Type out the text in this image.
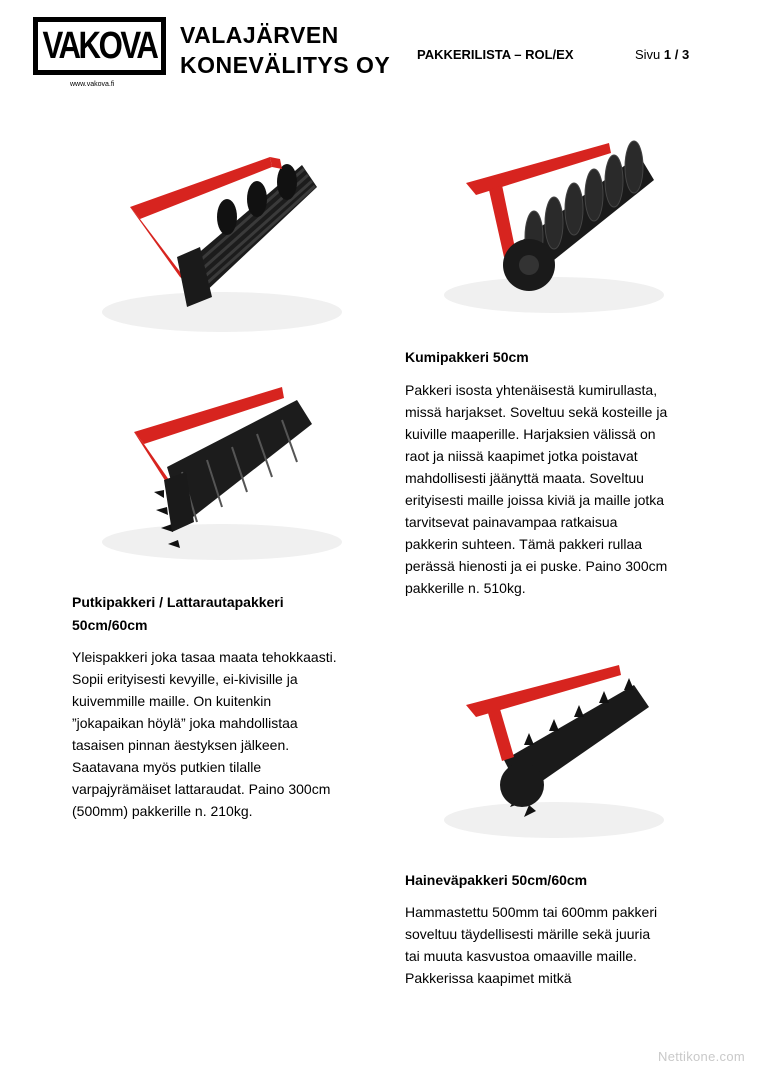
VAKOVA
www.vakova.fi
VALAJÄRVEN
KONEVÄLITYS OY PAKKERILISTA – ROL/EX	Sivu 1 / 3
Putkipakkeri / Lattarautapakkeri
50cm/60cm
Yleispakkeri joka tasaa maata tehokkaasti.
Sopii erityisesti kevyille, ei-kivisille ja
kuivemmille maille. On kuitenkin
”jokapaikan höylä” joka mahdollistaa
tasaisen pinnan äestyksen jälkeen.
Saatavana myös putkien tilalle
varpajyrämäiset lattaraudat. Paino 300cm
(500mm) pakkerille n. 210kg.
Kumipakkeri 50cm
Pakkeri isosta yhtenäisestä kumirullasta,
missä harjakset. Soveltuu sekä kosteille ja
kuiville maaperille. Harjaksien välissä on
raot ja niissä kaapimet jotka poistavat
mahdollisesti jäänyttä maata. Soveltuu
erityisesti maille joissa kiviä ja maille jotka
tarvitsevat painavampaa ratkaisua
pakkerin suhteen. Tämä pakkeri rullaa
perässä hienosti ja ei puske. Paino 300cm
pakkerille n. 510kg.
Hainеväpakkeri 50cm/60cm
Hammastettu 500mm tai 600mm pakkeri
soveltuu täydellisesti märille sekä juuria
tai muuta kasvustoa omaaville maille.
Pakkerissa kaapimet mitkä
Nettikone.com
